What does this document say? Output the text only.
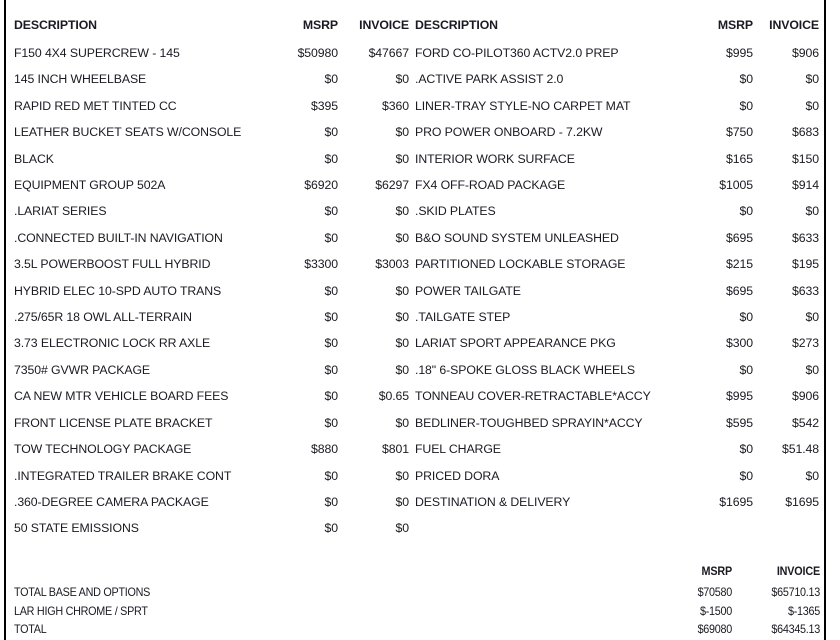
DESCRIPTION	MSRP	INVOICE
F150 4X4 SUPERCREW - 145	$50980	$47667
145 INCH WHEELBASE	$0	$0
RAPID RED MET TINTED CC	$395	$360
LEATHER BUCKET SEATS W/CONSOLE	$0	$0
BLACK	$0	$0
EQUIPMENT GROUP 502A	$6920	$6297
.LARIAT SERIES	$0	$0
.CONNECTED BUILT-IN NAVIGATION	$0	$0
3.5L POWERBOOST FULL HYBRID	$3300	$3003
HYBRID ELEC 10-SPD AUTO TRANS	$0	$0
.275/65R 18 OWL ALL-TERRAIN	$0	$0
3.73 ELECTRONIC LOCK RR AXLE	$0	$0
7350# GVWR PACKAGE	$0	$0
CA NEW MTR VEHICLE BOARD FEES	$0	$0.65
FRONT LICENSE PLATE BRACKET	$0	$0
TOW TECHNOLOGY PACKAGE	$880	$801
.INTEGRATED TRAILER BRAKE CONT	$0	$0
.360-DEGREE CAMERA PACKAGE	$0	$0
50 STATE EMISSIONS	$0	$0
DESCRIPTION	MSRP	INVOICE
FORD CO-PILOT360 ACTV2.0 PREP	$995	$906
.ACTIVE PARK ASSIST 2.0	$0	$0
LINER-TRAY STYLE-NO CARPET MAT	$0	$0
PRO POWER ONBOARD - 7.2KW	$750	$683
INTERIOR WORK SURFACE	$165	$150
FX4 OFF-ROAD PACKAGE	$1005	$914
.SKID PLATES	$0	$0
B&O SOUND SYSTEM UNLEASHED	$695	$633
PARTITIONED LOCKABLE STORAGE	$215	$195
POWER TAILGATE	$695	$633
.TAILGATE STEP	$0	$0
LARIAT SPORT APPEARANCE PKG	$300	$273
.18" 6-SPOKE GLOSS BLACK WHEELS	$0	$0
TONNEAU COVER-RETRACTABLE*ACCY	$995	$906
BEDLINER-TOUGHBED SPRAYIN*ACCY	$595	$542
FUEL CHARGE	$0	$51.48
PRICED DORA	$0	$0
DESTINATION & DELIVERY	$1695	$1695
	MSRP	INVOICE
TOTAL BASE AND OPTIONS	$70580	$65710.13
LAR HIGH CHROME / SPRT	$-1500	$-1365
TOTAL	$69080	$64345.13
